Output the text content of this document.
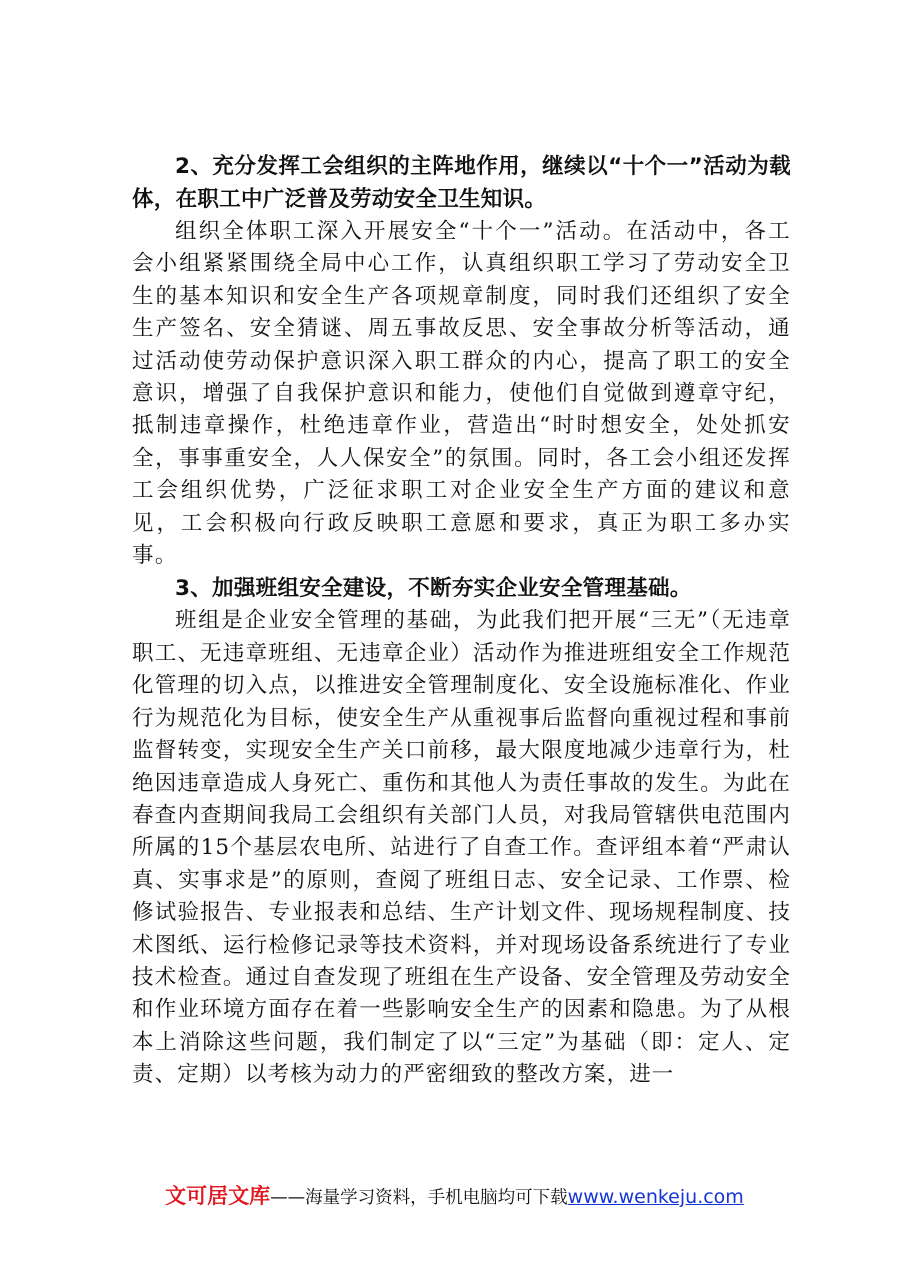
2、充分发挥工会组织的主阵地作用，继续以“十个一”活动为载体，在职工中广泛普及劳动安全卫生知识。

组织全体职工深入开展安全“十个一”活动。在活动中，各工会小组紧紧围绕全局中心工作，认真组织职工学习了劳动安全卫生的基本知识和安全生产各项规章制度，同时我们还组织了安全生产签名、安全猜谜、周五事故反思、安全事故分析等活动，通过活动使劳动保护意识深入职工群众的内心，提高了职工的安全意识，增强了自我保护意识和能力，使他们自觉做到遵章守纪，抵制违章操作，杜绝违章作业，营造出“时时想安全，处处抓安全，事事重安全，人人保安全”的氛围。同时，各工会小组还发挥工会组织优势，广泛征求职工对企业安全生产方面的建议和意见，工会积极向行政反映职工意愿和要求，真正为职工多办实事。

3、加强班组安全建设，不断夯实企业安全管理基础。

班组是企业安全管理的基础，为此我们把开展“三无”（无违章职工、无违章班组、无违章企业）活动作为推进班组安全工作规范化管理的切入点，以推进安全管理制度化、安全设施标准化、作业行为规范化为目标，使安全生产从重视事后监督向重视过程和事前监督转变，实现安全生产关口前移，最大限度地减少违章行为，杜绝因违章造成人身死亡、重伤和其他人为责任事故的发生。为此在春查内查期间我局工会组织有关部门人员，对我局管辖供电范围内所属的15个基层农电所、站进行了自查工作。查评组本着“严肃认真、实事求是”的原则，查阅了班组日志、安全记录、工作票、检修试验报告、专业报表和总结、生产计划文件、现场规程制度、技术图纸、运行检修记录等技术资料，并对现场设备系统进行了专业技术检查。通过自查发现了班组在生产设备、安全管理及劳动安全和作业环境方面存在着一些影响安全生产的因素和隐患。为了从根本上消除这些问题，我们制定了以“三定”为基础（即：定人、定责、定期）以考核为动力的严密细致的整改方案，进一

文可居文库——海量学习资料，手机电脑均可下载www.wenkeju.com
